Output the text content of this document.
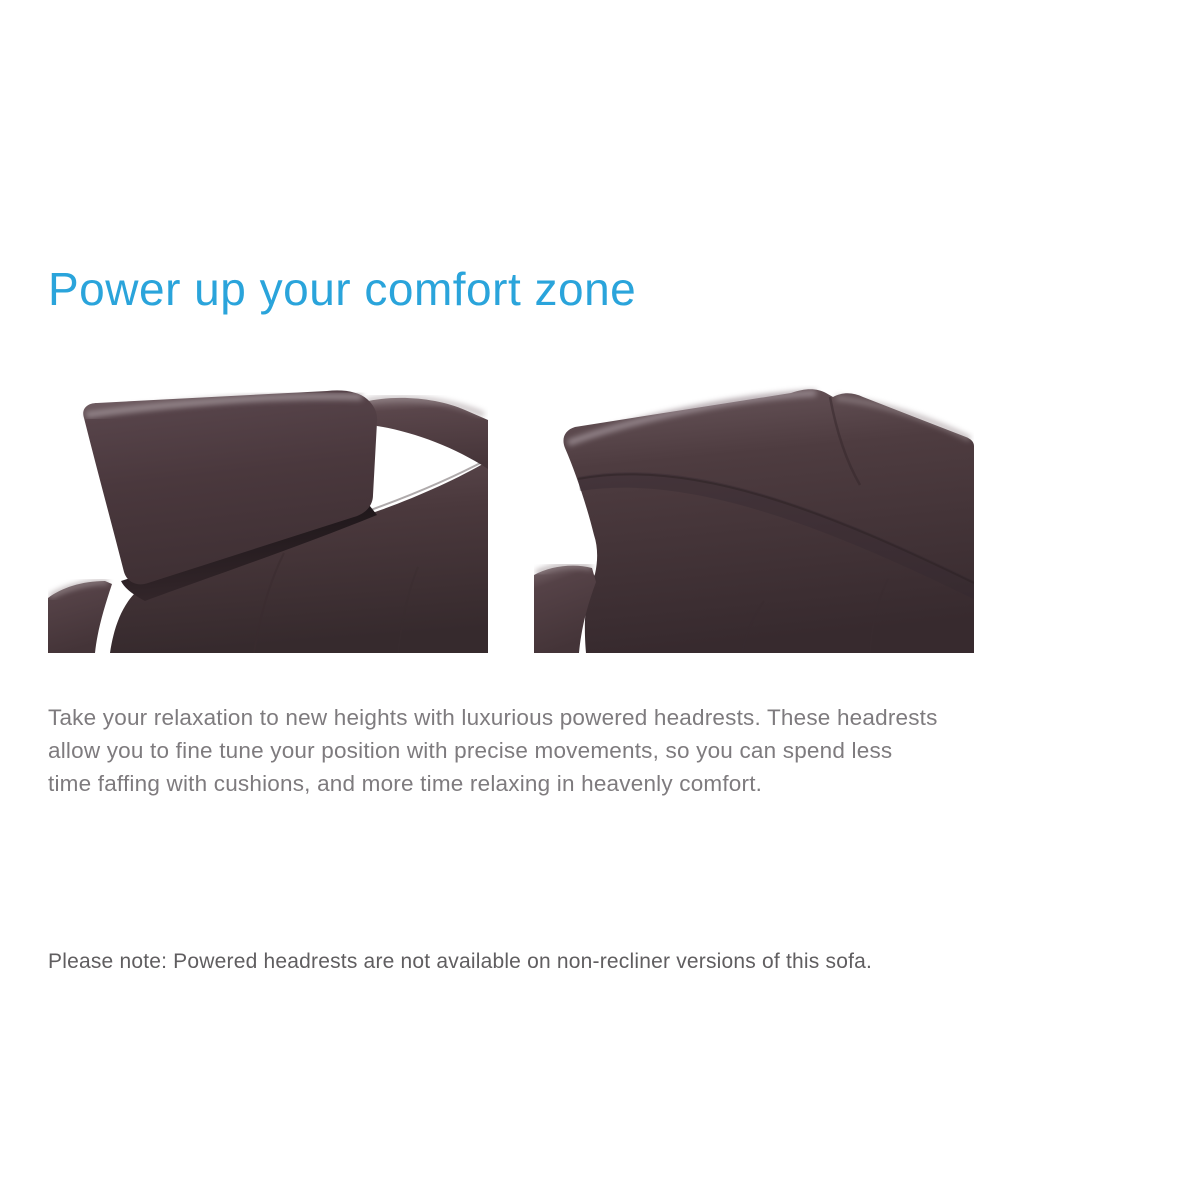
Power up your comfort zone

Take your relaxation to new heights with luxurious powered headrests. These headrests
allow you to fine tune your position with precise movements, so you can spend less
time faffing with cushions, and more time relaxing in heavenly comfort.

Please note: Powered headrests are not available on non-recliner versions of this sofa.
